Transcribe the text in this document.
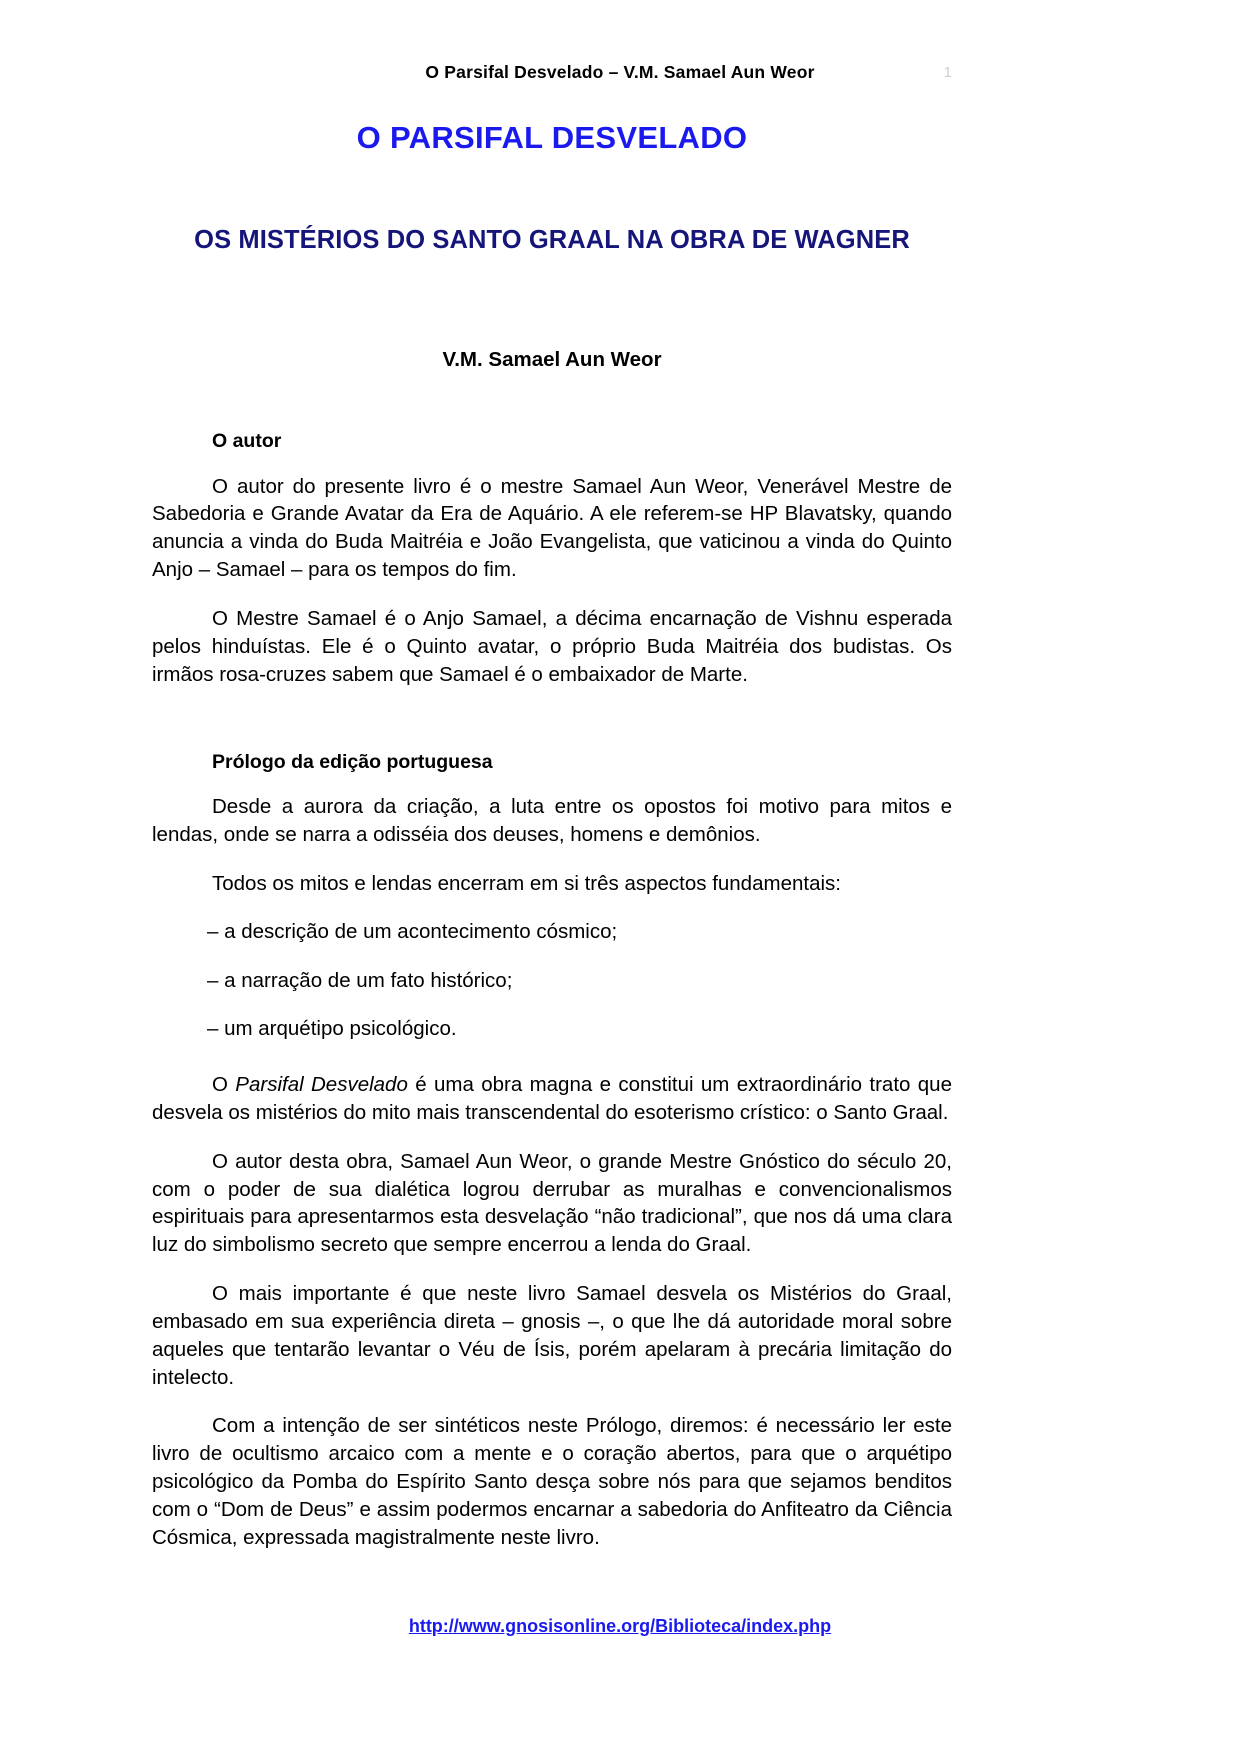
O Parsifal Desvelado – V.M. Samael Aun Weor	1
O PARSIFAL DESVELADO
OS MISTÉRIOS DO SANTO GRAAL NA OBRA DE WAGNER
V.M. Samael Aun Weor
O autor

O autor do presente livro é o mestre Samael Aun Weor, Venerável Mestre de Sabedoria e Grande Avatar da Era de Aquário. A ele referem-se HP Blavatsky, quando anuncia a vinda do Buda Maitréia e João Evangelista, que vaticinou a vinda do Quinto Anjo – Samael – para os tempos do fim.

O Mestre Samael é o Anjo Samael, a décima encarnação de Vishnu esperada pelos hinduístas. Ele é o Quinto avatar, o próprio Buda Maitréia dos budistas. Os irmãos rosa-cruzes sabem que Samael é o embaixador de Marte.

Prólogo da edição portuguesa

Desde a aurora da criação, a luta entre os opostos foi motivo para mitos e lendas, onde se narra a odisséia dos deuses, homens e demônios.

Todos os mitos e lendas encerram em si três aspectos fundamentais:

– a descrição de um acontecimento cósmico;

– a narração de um fato histórico;

– um arquétipo psicológico.

O Parsifal Desvelado é uma obra magna e constitui um extraordinário trato que desvela os mistérios do mito mais transcendental do esoterismo crístico: o Santo Graal.

O autor desta obra, Samael Aun Weor, o grande Mestre Gnóstico do século 20, com o poder de sua dialética logrou derrubar as muralhas e convencionalismos espirituais para apresentarmos esta desvelação “não tradicional”, que nos dá uma clara luz do simbolismo secreto que sempre encerrou a lenda do Graal.

O mais importante é que neste livro Samael desvela os Mistérios do Graal, embasado em sua experiência direta – gnosis –, o que lhe dá autoridade moral sobre aqueles que tentarão levantar o Véu de Ísis, porém apelaram à precária limitação do intelecto.

Com a intenção de ser sintéticos neste Prólogo, diremos: é necessário ler este livro de ocultismo arcaico com a mente e o coração abertos, para que o arquétipo psicológico da Pomba do Espírito Santo desça sobre nós para que sejamos benditos com o “Dom de Deus” e assim podermos encarnar a sabedoria do Anfiteatro da Ciência Cósmica, expressada magistralmente neste livro.

http://www.gnosisonline.org/Biblioteca/index.php
